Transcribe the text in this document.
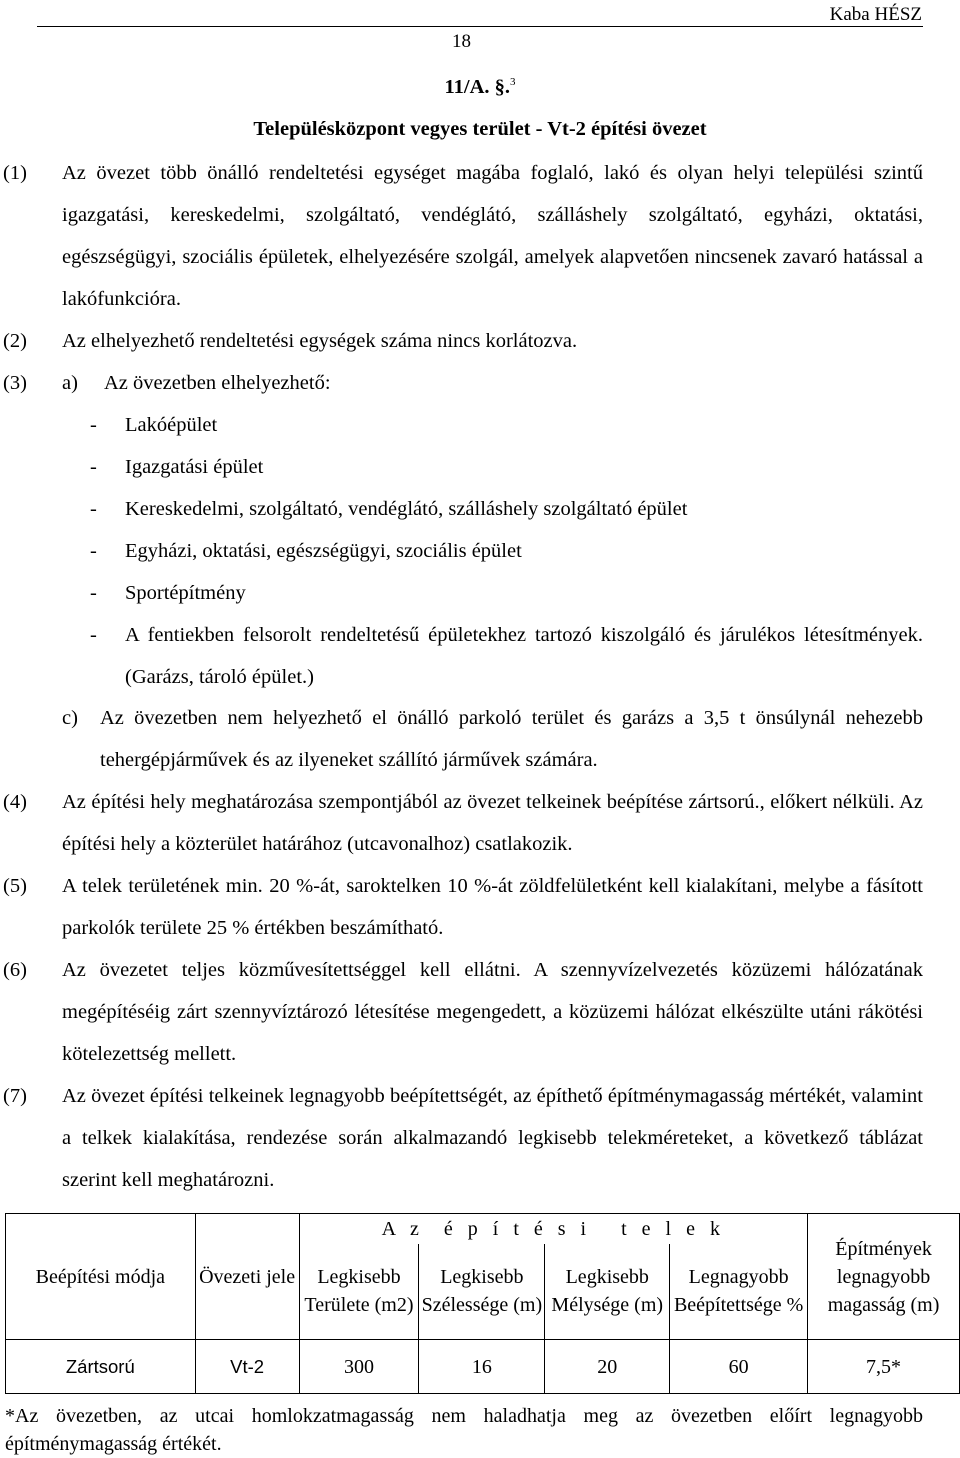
Kaba HÉSZ
18
11/A. §.$^3$
Településközpont vegyes terület - Vt-2 építési övezet
(1) Az övezet több önálló rendeltetési egységet magába foglaló, lakó és olyan helyi települési szintű igazgatási, kereskedelmi, szolgáltató, vendéglátó, szálláshely szolgáltató, egyházi, oktatási, egészségügyi, szociális épületek, elhelyezésére szolgál, amelyek alapvetően nincsenek zavaró hatással a lakófunkcióra.
(2) Az elhelyezhető rendeltetési egységek száma nincs korlátozva.
(3) a) Az övezetben elhelyezhető:
- Lakóépület
- Igazgatási épület
- Kereskedelmi, szolgáltató, vendéglátó, szálláshely szolgáltató épület
- Egyházi, oktatási, egészségügyi, szociális épület
- Sportépítmény
- A fentiekben felsorolt rendeltetésű épületekhez tartozó kiszolgáló és járulékos létesítmények. (Garázs, tároló épület.)
c) Az övezetben nem helyezhető el önálló parkoló terület és garázs a 3,5 t önsúlynál nehezebb tehergépjárművek és az ilyeneket szállító járművek számára.
(4) Az építési hely meghatározása szempontjából az övezet telkeinek beépítése zártsorú., előkert nélküli. Az építési hely a közterület határához (utcavonalhoz) csatlakozik.
(5) A telek területének min. 20 %-át, saroktelken 10 %-át zöldfelületként kell kialakítani, melybe a fásított parkolók területe 25 % értékben beszámítható.
(6) Az övezetet teljes közművesítettséggel kell ellátni. A szennyvízelvezetés közüzemi hálózatának megépítéséig zárt szennyvíztározó létesítése megengedett, a közüzemi hálózat elkészülte utáni rákötési kötelezettség mellett.
(7) Az övezet építési telkeinek legnagyobb beépítettségét, az építhető építménymagasság mértékét, valamint a telkek kialakítása, rendezése során alkalmazandó legkisebb telekméreteket, a következő táblázat szerint kell meghatározni.
Beépítési módja	Övezeti jele	A z  é p í t é s i   t e l e k				Építmények legnagyobb magasság (m)
		Legkisebb Területe (m2)	Legkisebb Szélessége (m)	Legkisebb Mélysége (m)	Legnagyobb Beépítettsége %	
Zártsorú	Vt-2	300	16	20	60	7,5*
*Az övezetben, az utcai homlokzatmagasság nem haladhatja meg az övezetben előírt legnagyobb építménymagasság értékét.
